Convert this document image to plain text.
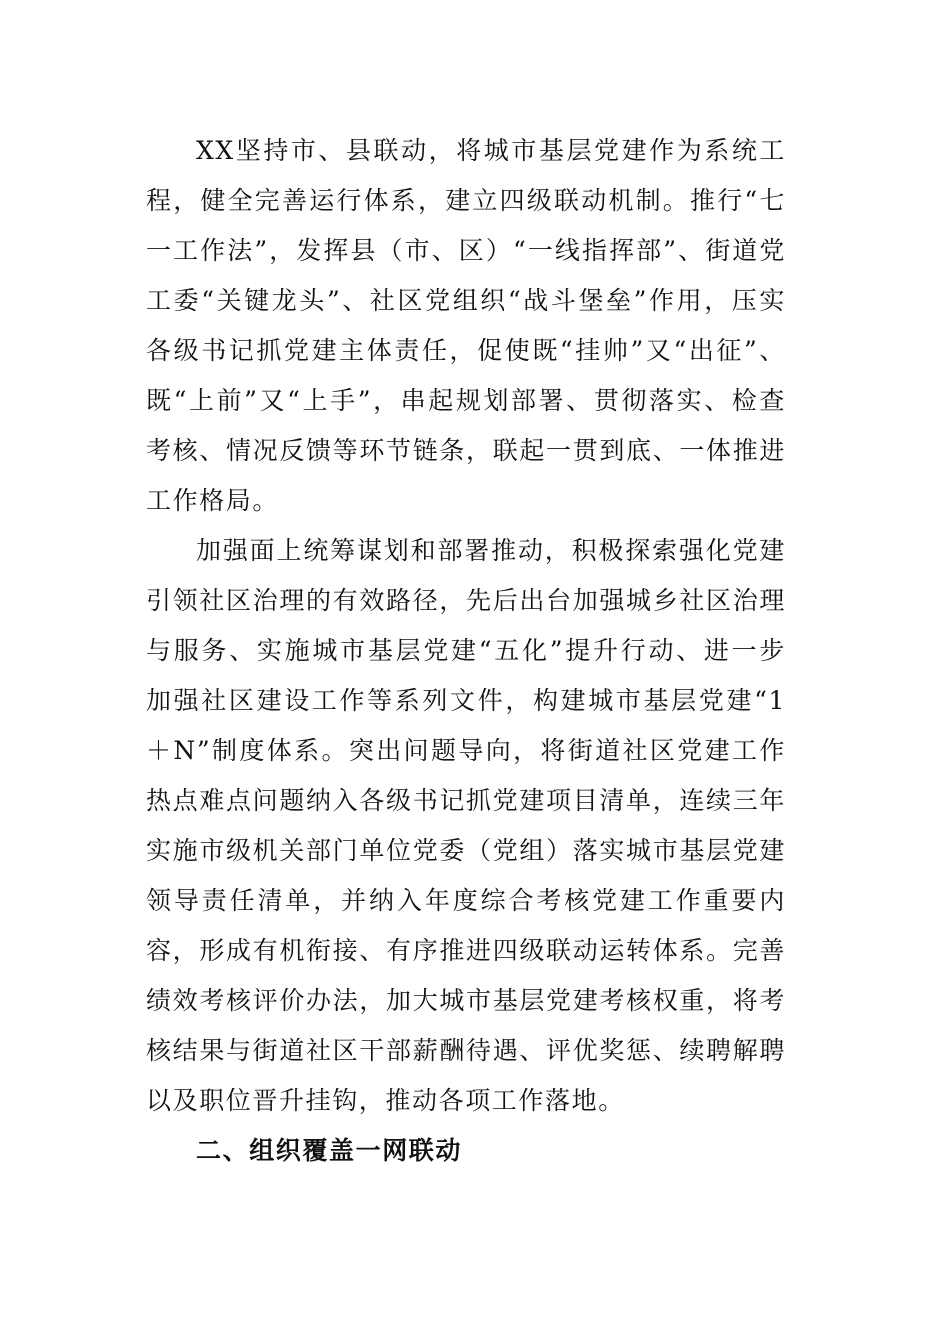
XX坚持市、县联动，将城市基层党建作为系统工程，健全完善运行体系，建立四级联动机制。推行“七一工作法”，发挥县（市、区）“一线指挥部”、街道党工委“关键龙头”、社区党组织“战斗堡垒”作用，压实各级书记抓党建主体责任，促使既“挂帅”又“出征”、既“上前”又“上手”，串起规划部署、贯彻落实、检查考核、情况反馈等环节链条，联起一贯到底、一体推进工作格局。

加强面上统筹谋划和部署推动，积极探索强化党建引领社区治理的有效路径，先后出台加强城乡社区治理与服务、实施城市基层党建“五化”提升行动、进一步加强社区建设工作等系列文件，构建城市基层党建“1＋N”制度体系。突出问题导向，将街道社区党建工作热点难点问题纳入各级书记抓党建项目清单，连续三年实施市级机关部门单位党委（党组）落实城市基层党建领导责任清单，并纳入年度综合考核党建工作重要内容，形成有机衔接、有序推进四级联动运转体系。完善绩效考核评价办法，加大城市基层党建考核权重，将考核结果与街道社区干部薪酬待遇、评优奖惩、续聘解聘以及职位晋升挂钩，推动各项工作落地。

二、组织覆盖一网联动
